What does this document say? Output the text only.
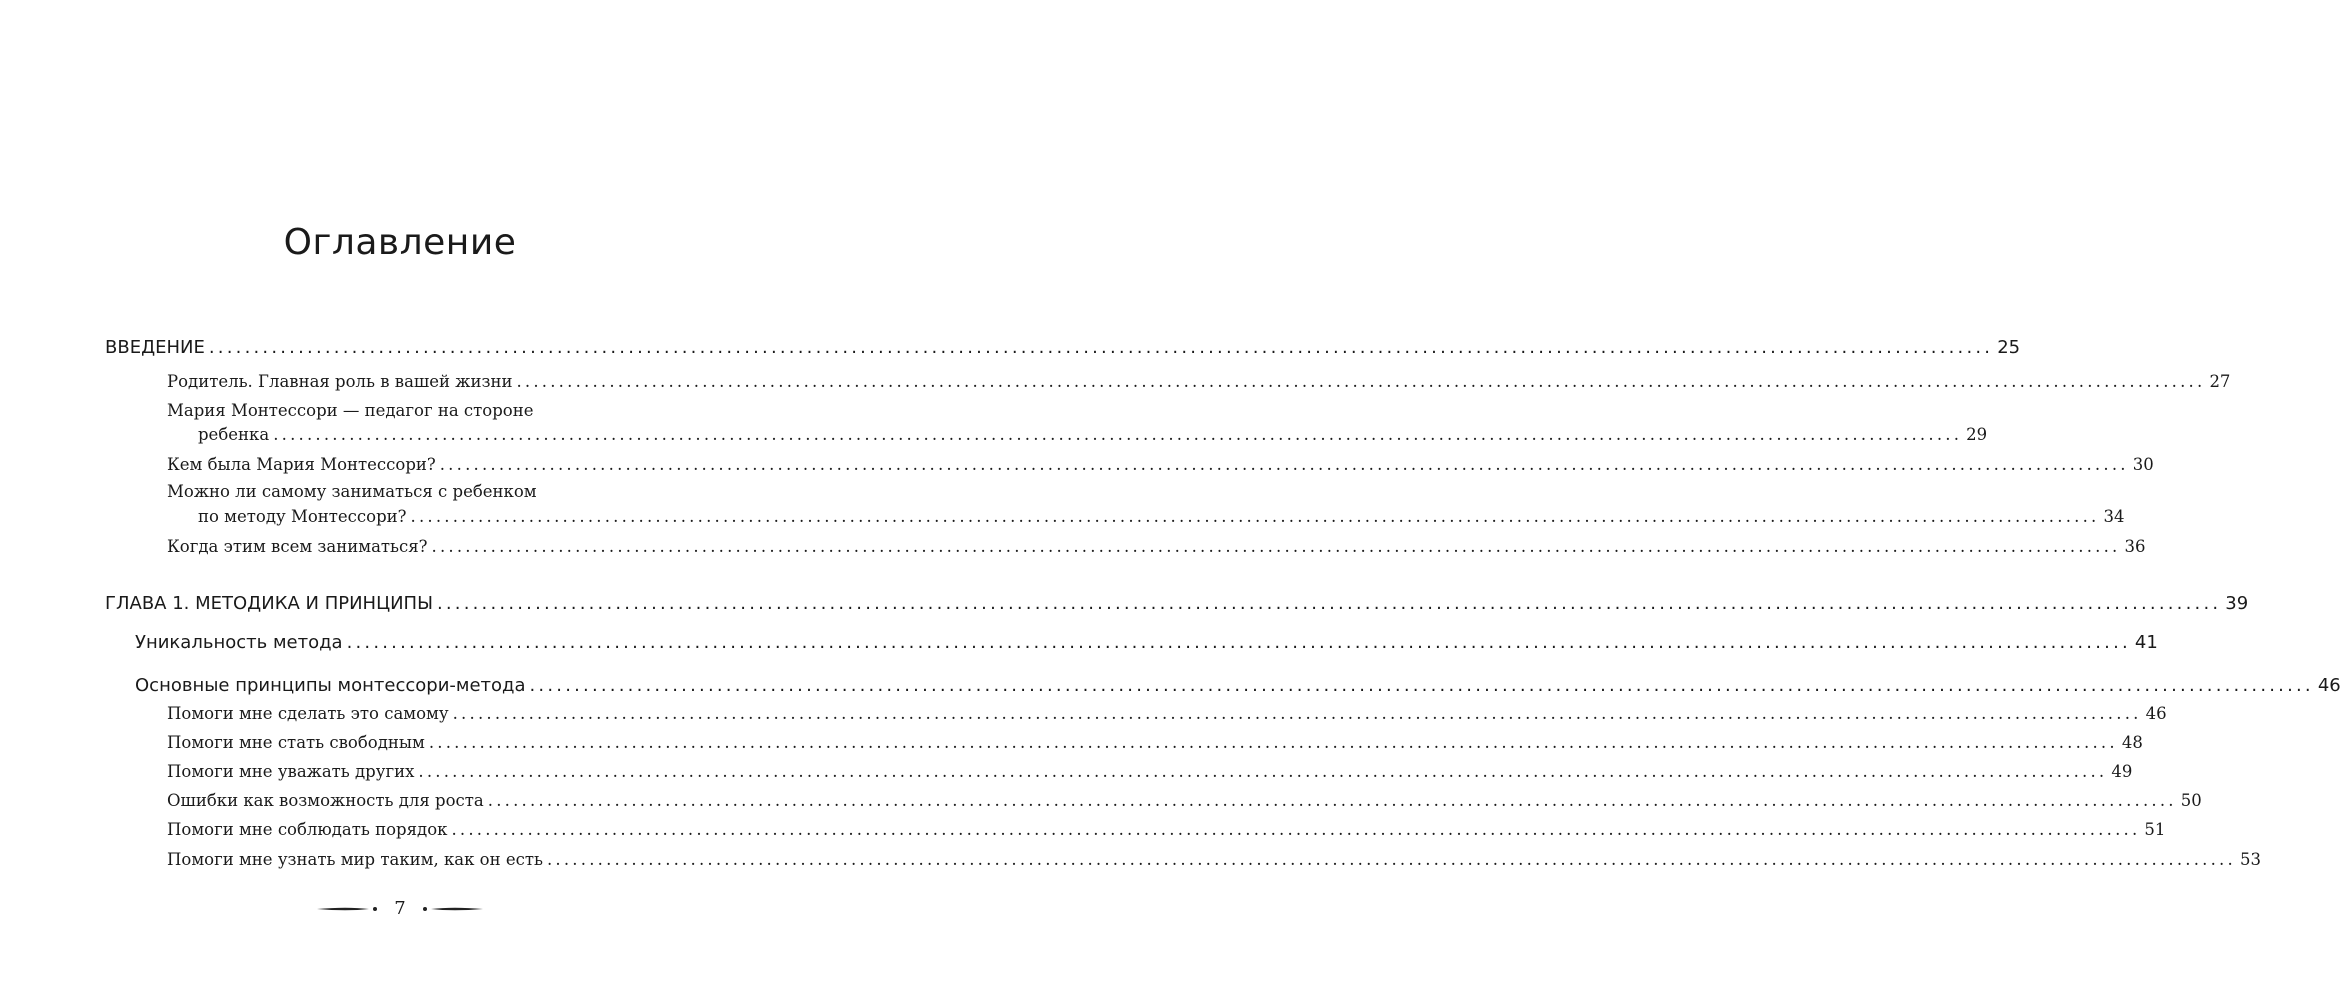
Оглавление
ВВЕДЕНИЕ ........................................................................................................................................................................................................ 25
Родитель. Главная роль в вашей жизни ........................................................................................................................................................................................................ 27
Мария Монтессори — педагог на стороне
ребенка ........................................................................................................................................................................................................ 29
Кем была Мария Монтессори? ........................................................................................................................................................................................................ 30
Можно ли самому заниматься с ребенком
по методу Монтессори? ........................................................................................................................................................................................................ 34
Когда этим всем заниматься? ........................................................................................................................................................................................................ 36
ГЛАВА 1. МЕТОДИКА И ПРИНЦИПЫ ........................................................................................................................................................................................................ 39
Уникальность метода ........................................................................................................................................................................................................ 41
Основные принципы монтессори-метода ........................................................................................................................................................................................................ 46
Помоги мне сделать это самому ........................................................................................................................................................................................................ 46
Помоги мне стать свободным ........................................................................................................................................................................................................ 48
Помоги мне уважать других ........................................................................................................................................................................................................ 49
Ошибки как возможность для роста ........................................................................................................................................................................................................ 50
Помоги мне соблюдать порядок ........................................................................................................................................................................................................ 51
Помоги мне узнать мир таким, как он есть ........................................................................................................................................................................................................ 53
7
